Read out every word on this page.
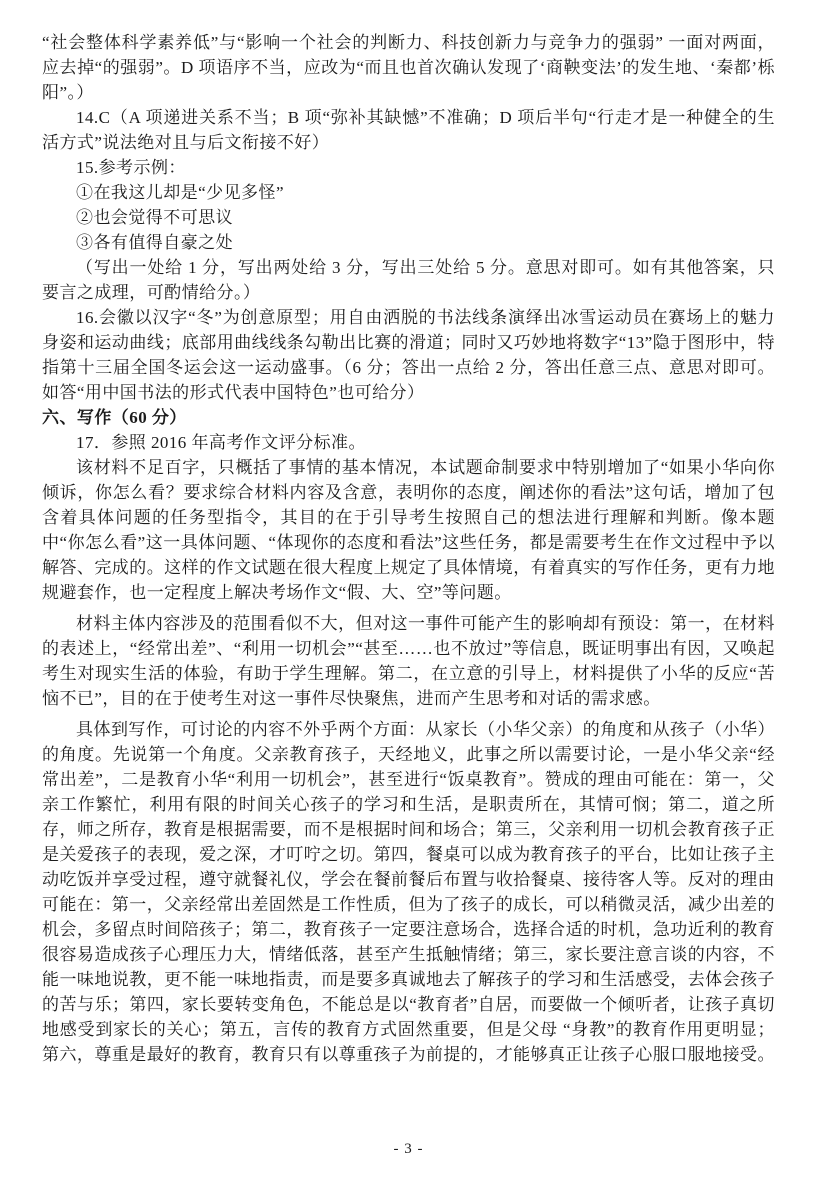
“社会整体科学素养低”与“影响一个社会的判断力、科技创新力与竞争力的强弱” 一面对两面，应去掉“的强弱”。D 项语序不当，应改为“而且也首次确认发现了‘商鞅变法’的发生地、‘秦都’栎阳”。）

14.C（A 项递进关系不当；B 项“弥补其缺憾”不准确；D 项后半句“行走才是一种健全的生活方式”说法绝对且与后文衔接不好）

15.参考示例：

①在我这儿却是“少见多怪”

②也会觉得不可思议

③各有值得自豪之处

（写出一处给 1 分，写出两处给 3 分，写出三处给 5 分。意思对即可。如有其他答案，只要言之成理，可酌情给分。）

16.会徽以汉字“冬”为创意原型；用自由洒脱的书法线条演绎出冰雪运动员在赛场上的魅力身姿和运动曲线；底部用曲线线条勾勒出比赛的滑道；同时又巧妙地将数字“13”隐于图形中，特指第十三届全国冬运会这一运动盛事。（6 分；答出一点给 2 分，答出任意三点、意思对即可。如答“用中国书法的形式代表中国特色”也可给分）

六、写作（60 分）

17．参照 2016 年高考作文评分标准。

该材料不足百字，只概括了事情的基本情况，本试题命制要求中特别增加了“如果小华向你倾诉，你怎么看？要求综合材料内容及含意，表明你的态度，阐述你的看法”这句话，增加了包含着具体问题的任务型指令，其目的在于引导考生按照自己的想法进行理解和判断。像本题中“你怎么看”这一具体问题、“体现你的态度和看法”这些任务，都是需要考生在作文过程中予以解答、完成的。这样的作文试题在很大程度上规定了具体情境，有着真实的写作任务，更有力地规避套作，也一定程度上解决考场作文“假、大、空”等问题。

材料主体内容涉及的范围看似不大，但对这一事件可能产生的影响却有预设：第一，在材料的表述上，“经常出差”、“利用一切机会”“甚至……也不放过”等信息，既证明事出有因，又唤起考生对现实生活的体验，有助于学生理解。第二，在立意的引导上，材料提供了小华的反应“苦恼不已”，目的在于使考生对这一事件尽快聚焦，进而产生思考和对话的需求感。

具体到写作，可讨论的内容不外乎两个方面：从家长（小华父亲）的角度和从孩子（小华）的角度。先说第一个角度。父亲教育孩子，天经地义，此事之所以需要讨论，一是小华父亲“经常出差”，二是教育小华“利用一切机会”，甚至进行“饭桌教育”。赞成的理由可能在：第一，父亲工作繁忙，利用有限的时间关心孩子的学习和生活，是职责所在，其情可悯；第二，道之所存，师之所存，教育是根据需要，而不是根据时间和场合；第三，父亲利用一切机会教育孩子正是关爱孩子的表现，爱之深，才叮咛之切。第四，餐桌可以成为教育孩子的平台，比如让孩子主动吃饭并享受过程，遵守就餐礼仪，学会在餐前餐后布置与收拾餐桌、接待客人等。反对的理由可能在：第一，父亲经常出差固然是工作性质，但为了孩子的成长，可以稍微灵活，减少出差的机会，多留点时间陪孩子；第二，教育孩子一定要注意场合，选择合适的时机，急功近利的教育很容易造成孩子心理压力大，情绪低落，甚至产生抵触情绪；第三，家长要注意言谈的内容，不能一味地说教，更不能一味地指责，而是要多真诚地去了解孩子的学习和生活感受，去体会孩子的苦与乐；第四，家长要转变角色，不能总是以“教育者”自居，而要做一个倾听者，让孩子真切地感受到家长的关心；第五，言传的教育方式固然重要，但是父母 “身教”的教育作用更明显；第六，尊重是最好的教育，教育只有以尊重孩子为前提的，才能够真正让孩子心服口服地接受。

- 3 -
